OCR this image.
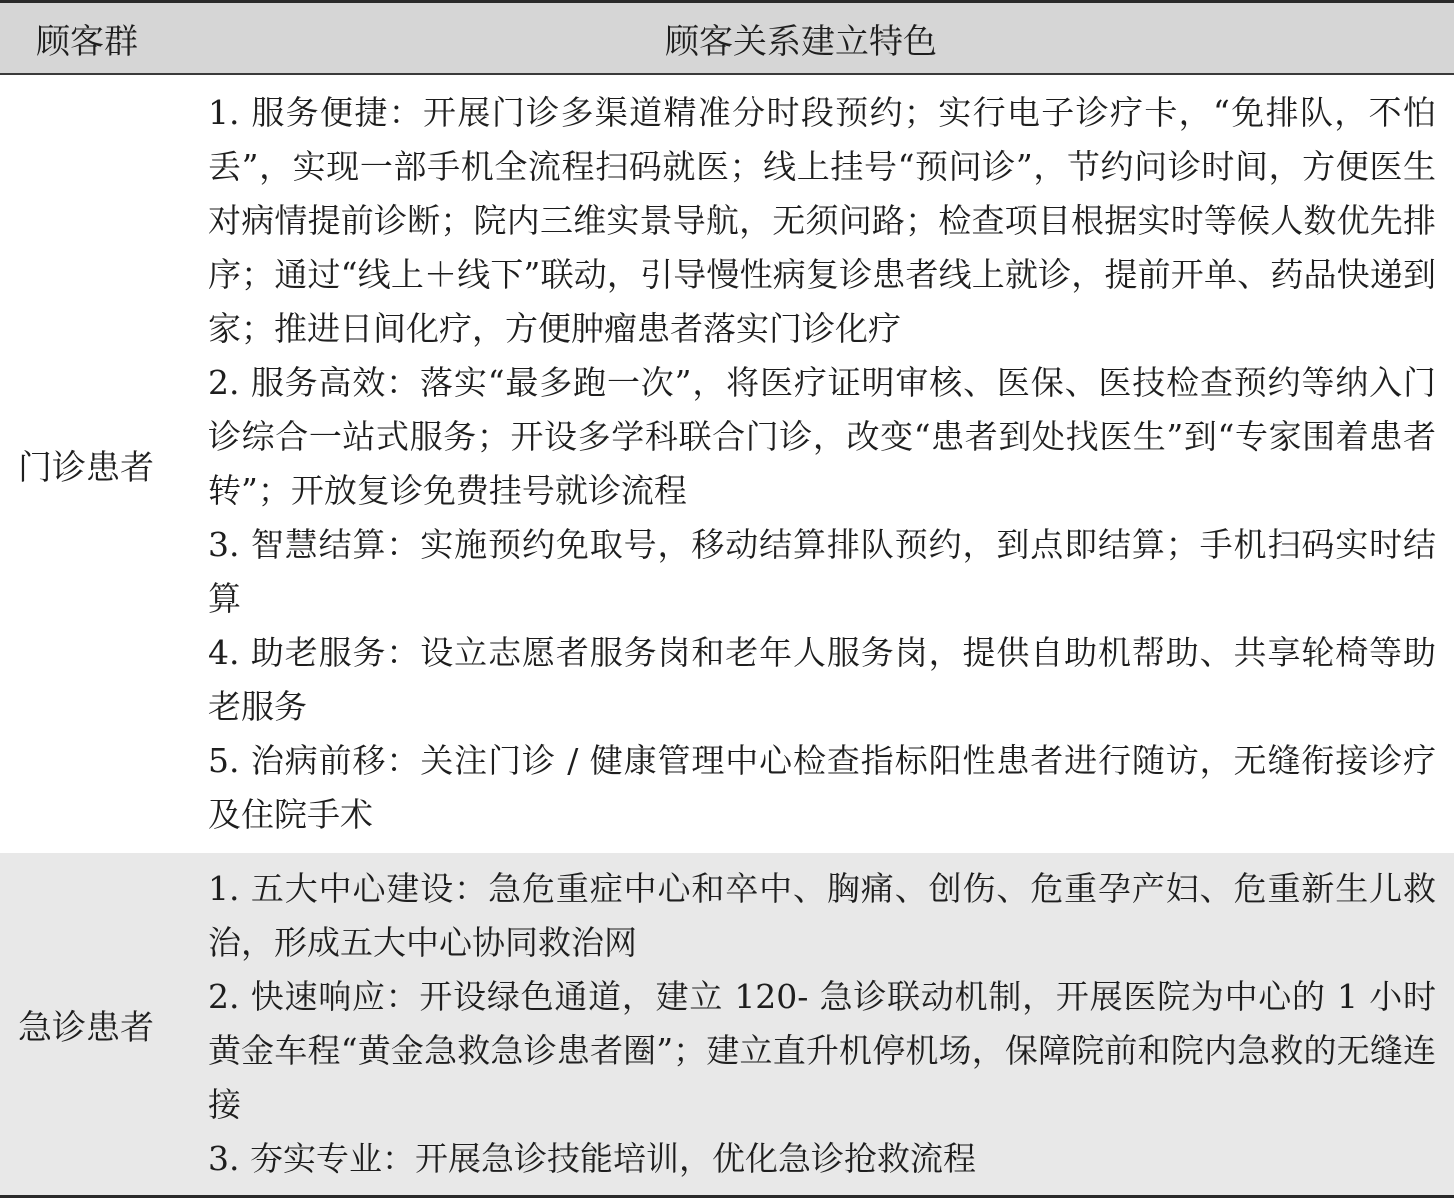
顾客群	顾客关系建立特色
门诊患者

1. 服务便捷：开展门诊多渠道精准分时段预约；实行电子诊疗卡，“免排队，不怕丢”，实现一部手机全流程扫码就医；线上挂号“预问诊”，节约问诊时间，方便医生对病情提前诊断；院内三维实景导航，无须问路；检查项目根据实时等候人数优先排序；通过“线上＋线下”联动，引导慢性病复诊患者线上就诊，提前开单、药品快递到家；推进日间化疗，方便肿瘤患者落实门诊化疗

2. 服务高效：落实“最多跑一次”，将医疗证明审核、医保、医技检查预约等纳入门诊综合一站式服务；开设多学科联合门诊，改变“患者到处找医生”到“专家围着患者转”；开放复诊免费挂号就诊流程

3. 智慧结算：实施预约免取号，移动结算排队预约，到点即结算；手机扫码实时结算

4. 助老服务：设立志愿者服务岗和老年人服务岗，提供自助机帮助、共享轮椅等助老服务

5. 治病前移：关注门诊 / 健康管理中心检查指标阳性患者进行随访，无缝衔接诊疗及住院手术

急诊患者

1. 五大中心建设：急危重症中心和卒中、胸痛、创伤、危重孕产妇、危重新生儿救治，形成五大中心协同救治网

2. 快速响应：开设绿色通道，建立 120- 急诊联动机制，开展医院为中心的 1 小时黄金车程“黄金急救急诊患者圈”；建立直升机停机场，保障院前和院内急救的无缝连接

3. 夯实专业：开展急诊技能培训，优化急诊抢救流程
